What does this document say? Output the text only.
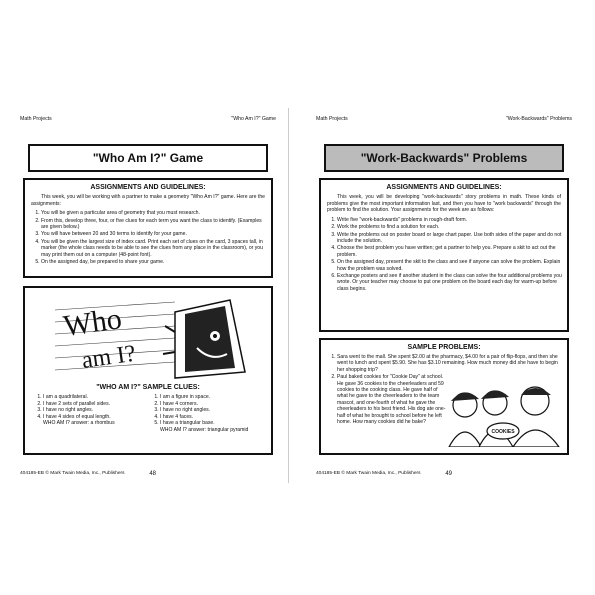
Math Projects	"Who Am I?" Game
"Who Am I?" Game
ASSIGNMENTS AND GUIDELINES:
This week, you will be working with a partner to make a geometry "Who Am I?" game. Here are the assignments:
1. You will be given a particular area of geometry that you must research.
2. From this, develop three, four, or five clues for each term you want the class to identify. (Examples are given below.)
3. You will have between 20 and 30 terms to identify for your game.
4. You will be given the largest size of index card. Print each set of clues on the card, 3 spaces tall, in marker (the whole class needs to be able to see the clues from any place in the classroom), or you may print them out on a computer (48-point font).
5. On the assigned day, be prepared to share your game.
Who
am I?
"WHO AM I?" SAMPLE CLUES:
1. I am a quadrilateral.
2. I have 2 sets of parallel sides.
3. I have no right angles.
4. I have 4 sides of equal length.
WHO AM I? answer: a rhombus
1. I am a figure in space.
2. I have 4 corners.
3. I have no right angles.
4. I have 4 faces.
5. I have a triangular base.
WHO AM I? answer: triangular pyramid
404185-EB © Mark Twain Media, Inc., Publishers	48
Math Projects	"Work-Backwards" Problems
"Work-Backwards" Problems
ASSIGNMENTS AND GUIDELINES:
This week, you will be developing "work-backwards" story problems in math. These kinds of problems give the most important information last, and then you have to "work backwards" through the problem to find the solution. Your assignments for the week are as follows:
1. Write five "work-backwards" problems in rough-draft form.
2. Work the problems to find a solution for each.
3. Write the problems out on poster board or large chart paper. Use both sides of the paper and do not include the solution.
4. Choose the best problem you have written; get a partner to help you. Prepare a skit to act out the problem.
5. On the assigned day, present the skit to the class and see if anyone can solve the problem. Explain how the problem was solved.
6. Exchange posters and see if another student in the class can solve the four additional problems you wrote. Or your teacher may choose to put one problem on the board each day for warm-up before class begins.
SAMPLE PROBLEMS:
1. Sara went to the mall. She spent $2.00 at the pharmacy, $4.00 for a pair of flip-flops, and then she went to lunch and spent $5.90. She has $3.10 remaining. How much money did she have to begin her shopping trip?
2. Paul baked cookies for "Cookie Day" at school. He gave 36 cookies to the cheerleaders and 59 cookies to the cooking class. He gave half of what he gave to the cheerleaders to the team mascot, and one-fourth of what he gave the cheerleaders to his best friend. His dog ate one-half of what he brought to school before he left home. How many cookies did he bake?
COOKIES
404185-EB © Mark Twain Media, Inc., Publishers	49
